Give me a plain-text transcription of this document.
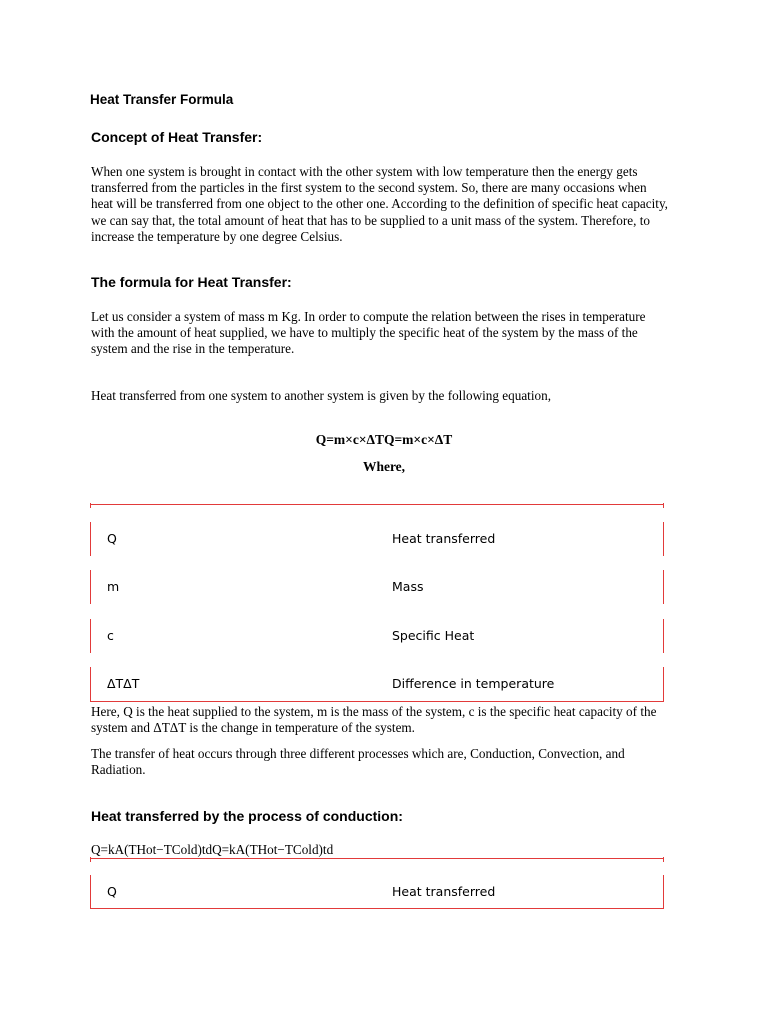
Heat Transfer Formula
Concept of Heat Transfer:
When one system is brought in contact with the other system with low temperature then the energy gets transferred from the particles in the first system to the second system. So, there are many occasions when heat will be transferred from one object to the other one. According to the definition of specific heat capacity, we can say that, the total amount of heat that has to be supplied to a unit mass of the system. Therefore, to increase the temperature by one degree Celsius.
The formula for Heat Transfer:
Let us consider a system of mass m Kg. In order to compute the relation between the rises in temperature with the amount of heat supplied, we have to multiply the specific heat of the system by the mass of the system and the rise in the temperature.
Heat transferred from one system to another system is given by the following equation,
Q=m×c×ΔTQ=m×c×ΔT
Where,
Q	Heat transferred
m	Mass
c	Specific Heat
ΔTΔT	Difference in temperature
Here, Q is the heat supplied to the system, m is the mass of the system, c is the specific heat capacity of the system and ΔTΔT is the change in temperature of the system.
The transfer of heat occurs through three different processes which are, Conduction, Convection, and Radiation.
Heat transferred by the process of conduction:
Q=kA(THot−TCold)tdQ=kA(THot−TCold)td
Q	Heat transferred
